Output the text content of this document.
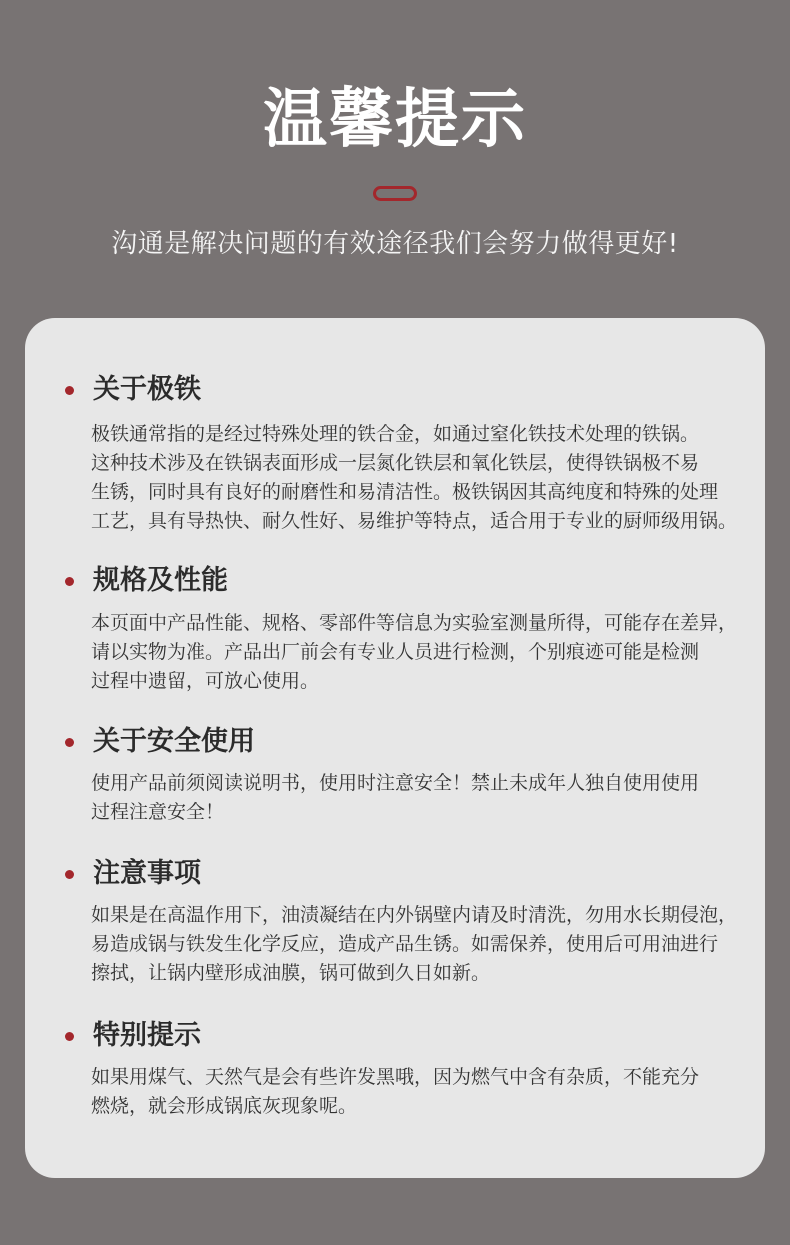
温馨提示
沟通是解决问题的有效途径我们会努力做得更好!
关于极铁
极铁通常指的是经过特殊处理的铁合金，如通过窒化铁技术处理的铁锅。
这种技术涉及在铁锅表面形成一层氮化铁层和氧化铁层，使得铁锅极不易
生锈，同时具有良好的耐磨性和易清洁性。极铁锅因其高纯度和特殊的处理
工艺，具有导热快、耐久性好、易维护等特点，适合用于专业的厨师级用锅。
规格及性能
本页面中产品性能、规格、零部件等信息为实验室测量所得，可能存在差异，
请以实物为准。产品出厂前会有专业人员进行检测，个别痕迹可能是检测
过程中遗留，可放心使用。
关于安全使用
使用产品前须阅读说明书，使用时注意安全！禁止未成年人独自使用使用
过程注意安全！
注意事项
如果是在高温作用下，油渍凝结在内外锅壁内请及时清洗，勿用水长期侵泡，
易造成锅与铁发生化学反应，造成产品生锈。如需保养，使用后可用油进行
擦拭，让锅内壁形成油膜，锅可做到久日如新。
特别提示
如果用煤气、天然气是会有些许发黑哦，因为燃气中含有杂质，不能充分
燃烧，就会形成锅底灰现象呢。
